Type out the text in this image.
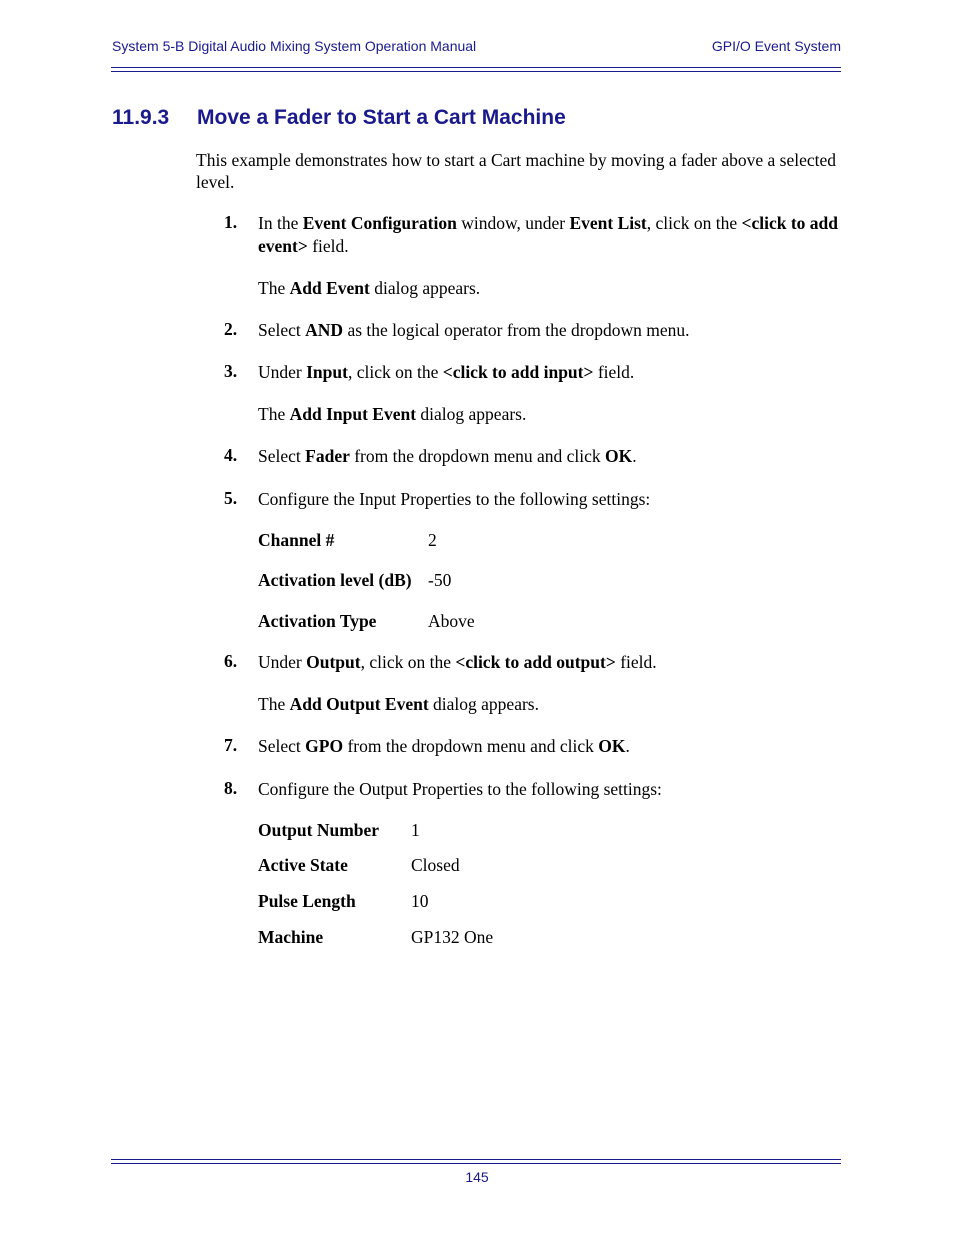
System 5-B Digital Audio Mixing System Operation Manual	GPI/O Event System
11.9.3 Move a Fader to Start a Cart Machine
This example demonstrates how to start a Cart machine by moving a fader above a selected level.
1. In the Event Configuration window, under Event List, click on the <click to add event> field.
The Add Event dialog appears.
2. Select AND as the logical operator from the dropdown menu.
3. Under Input, click on the <click to add input> field.
The Add Input Event dialog appears.
4. Select Fader from the dropdown menu and click OK.
5. Configure the Input Properties to the following settings:
Channel #	2
Activation level (dB) -50
Activation Type	Above
6. Under Output, click on the <click to add output> field.
The Add Output Event dialog appears.
7. Select GPO from the dropdown menu and click OK.
8. Configure the Output Properties to the following settings:
Output Number 1
Active State	Closed
Pulse Length	10
Machine	GP132 One
145
